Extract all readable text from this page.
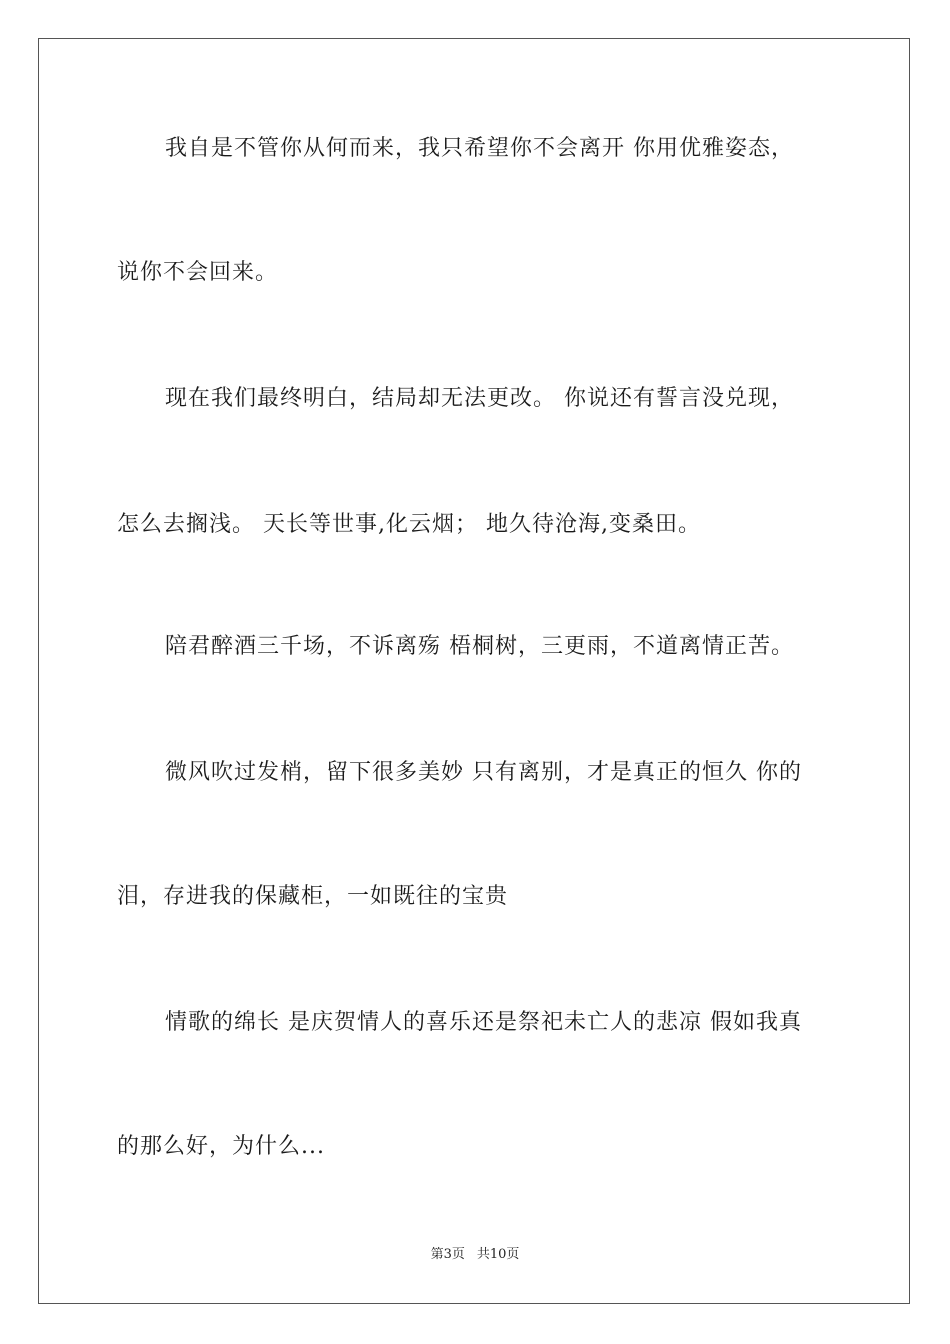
我自是不管你从何而来，我只希望你不会离开 你用优雅姿态，
说你不会回来。
现在我们最终明白，结局却无法更改。 你说还有誓言没兑现，
怎么去搁浅。 天长等世事,化云烟； 地久待沧海,变桑田。
陪君醉酒三千场，不诉离殇 梧桐树，三更雨，不道离情正苦。
微风吹过发梢，留下很多美妙 只有离别，才是真正的恒久 你的
泪，存进我的保藏柜，一如既往的宝贵
情歌的绵长 是庆贺情人的喜乐还是祭祀未亡人的悲凉 假如我真
的那么好，为什么...
第3页 共10页
